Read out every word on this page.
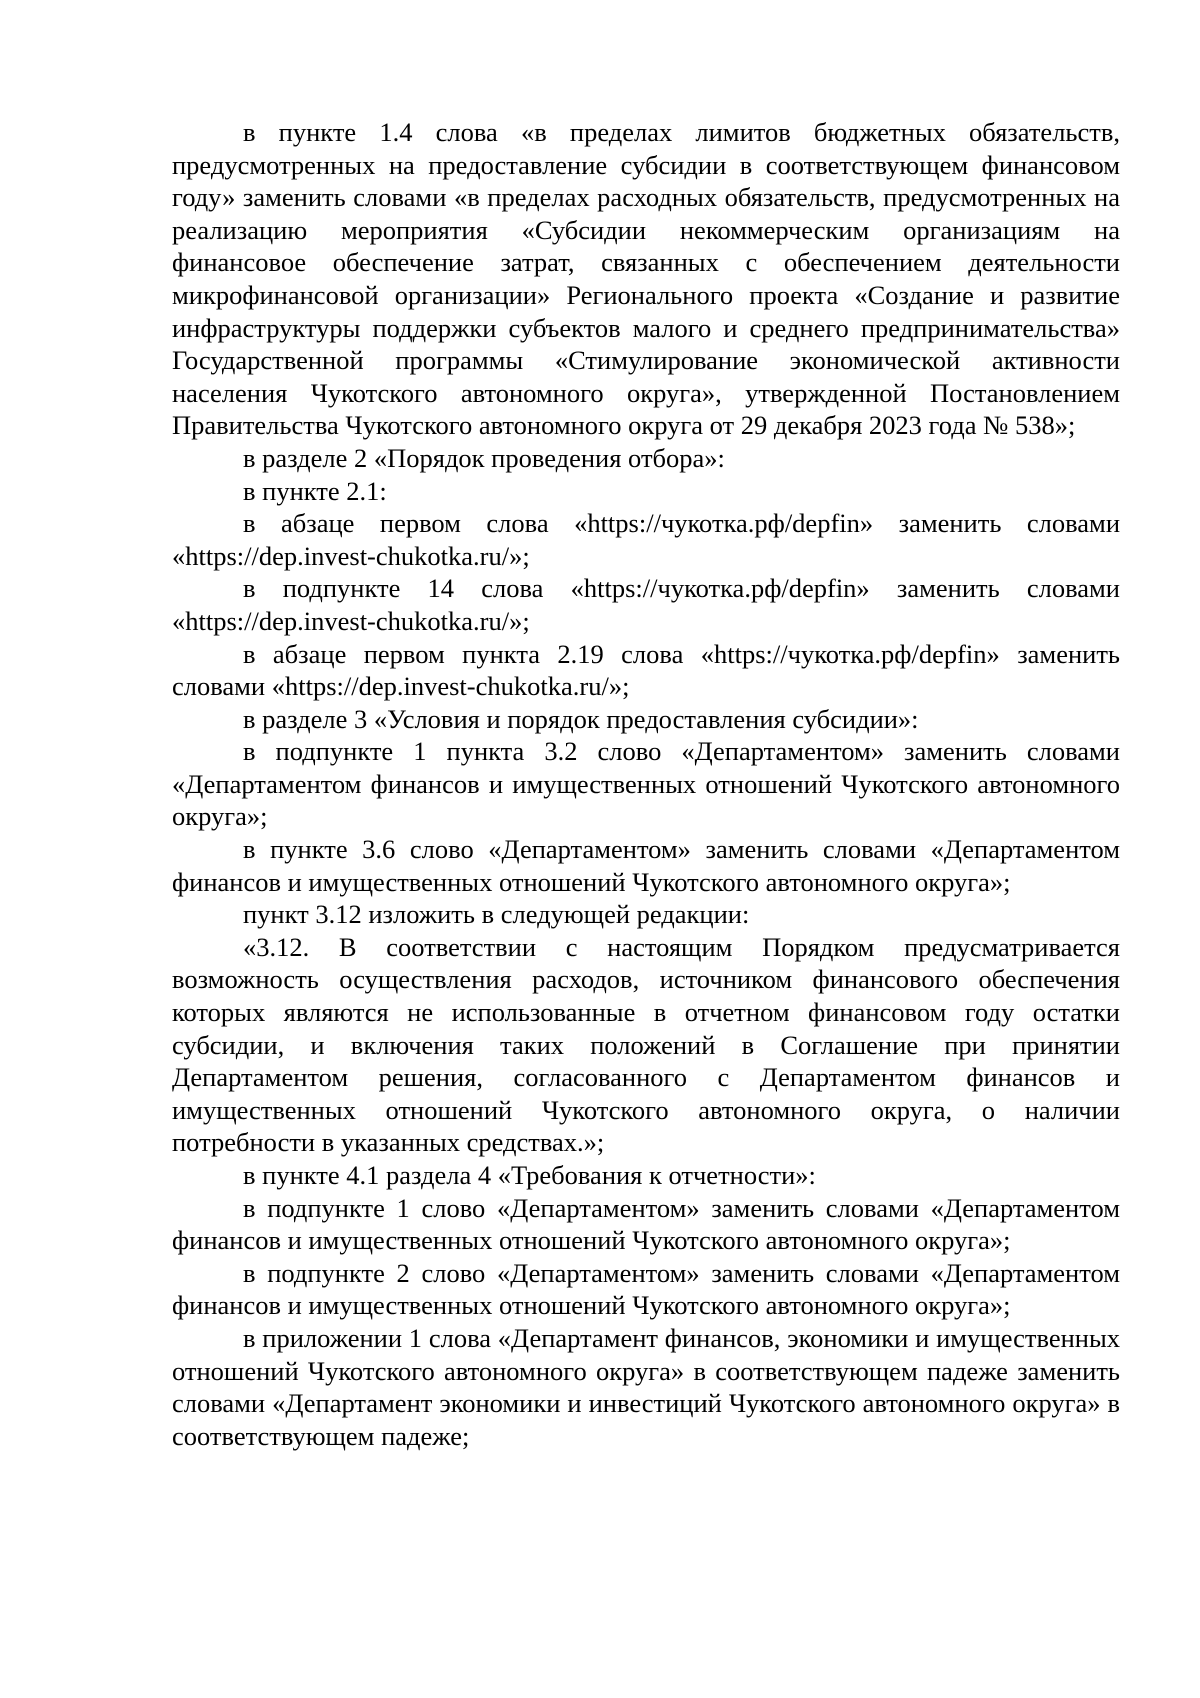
в пункте 1.4 слова «в пределах лимитов бюджетных обязательств, предусмотренных на предоставление субсидии в соответствующем финансовом году» заменить словами «в пределах расходных обязательств, предусмотренных на реализацию мероприятия «Субсидии некоммерческим организациям на финансовое обеспечение затрат, связанных с обеспечением деятельности микрофинансовой организации» Регионального проекта «Создание и развитие инфраструктуры поддержки субъектов малого и среднего предпринимательства» Государственной программы «Стимулирование экономической активности населения Чукотского автономного округа», утвержденной Постановлением Правительства Чукотского автономного округа от 29 декабря 2023 года № 538»;

в разделе 2 «Порядок проведения отбора»:

в пункте 2.1:

в абзаце первом слова «https://чукотка.рф/depfin» заменить словами «https://dep.invest-chukotka.ru/»;

в подпункте 14 слова «https://чукотка.рф/depfin» заменить словами «https://dep.invest-chukotka.ru/»;

в абзаце первом пункта 2.19 слова «https://чукотка.рф/depfin» заменить словами «https://dep.invest-chukotka.ru/»;

в разделе 3 «Условия и порядок предоставления субсидии»:

в подпункте 1 пункта 3.2 слово «Департаментом» заменить словами «Департаментом финансов и имущественных отношений Чукотского автономного округа»;

в пункте 3.6 слово «Департаментом» заменить словами «Департаментом финансов и имущественных отношений Чукотского автономного округа»;

пункт 3.12 изложить в следующей редакции:

«3.12. В соответствии с настоящим Порядком предусматривается возможность осуществления расходов, источником финансового обеспечения которых являются не использованные в отчетном финансовом году остатки субсидии, и включения таких положений в Соглашение при принятии Департаментом решения, согласованного с Департаментом финансов и имущественных отношений Чукотского автономного округа, о наличии потребности в указанных средствах.»;

в пункте 4.1 раздела 4 «Требования к отчетности»:

в подпункте 1 слово «Департаментом» заменить словами «Департаментом финансов и имущественных отношений Чукотского автономного округа»;

в подпункте 2 слово «Департаментом» заменить словами «Департаментом финансов и имущественных отношений Чукотского автономного округа»;

в приложении 1 слова «Департамент финансов, экономики и имущественных отношений Чукотского автономного округа» в соответствующем падеже заменить словами «Департамент экономики и инвестиций Чукотского автономного округа» в соответствующем падеже;
